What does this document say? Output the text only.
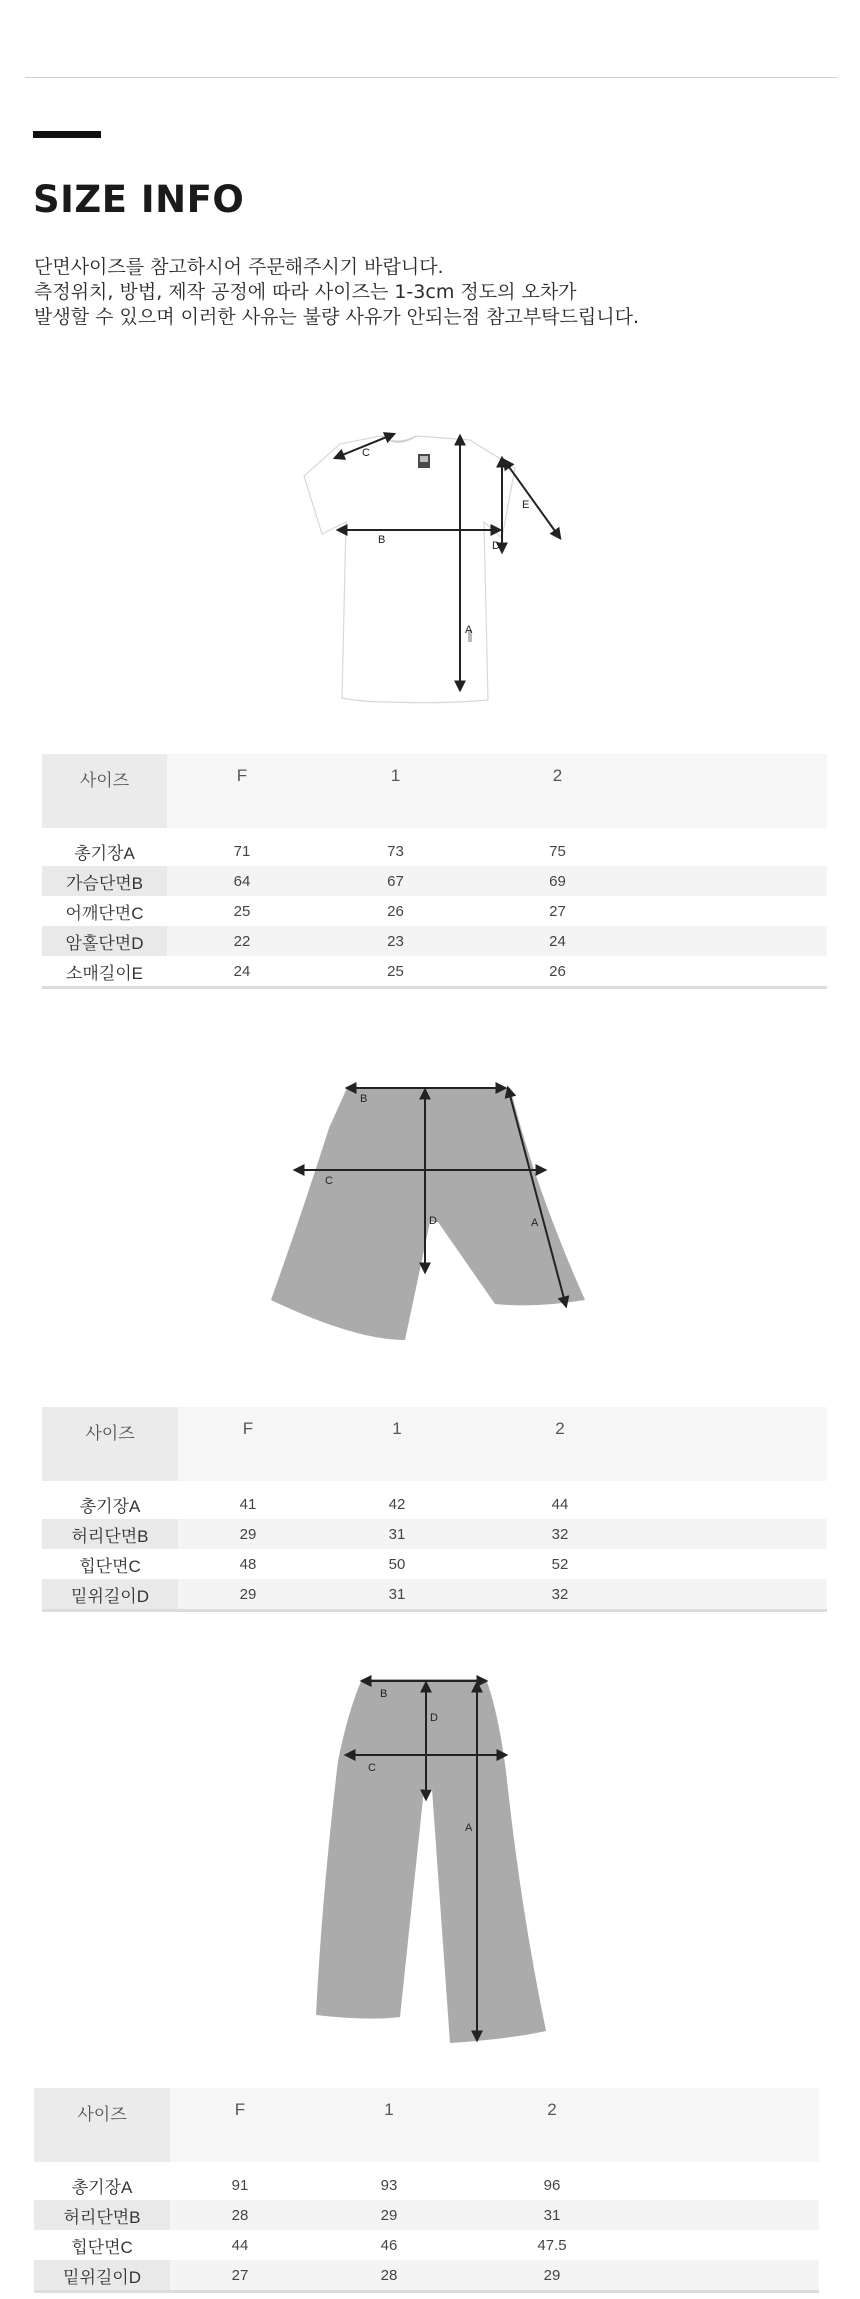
SIZE INFO
단면사이즈를 참고하시어 주문해주시기 바랍니다.
측정위치, 방법, 제작 공정에 따라 사이즈는 1-3cm 정도의 오차가
발생할 수 있으며 이러한 사유는 불량 사유가 안되는점 참고부탁드립니다.
C
B	D
E
A
사이즈	F	1	2	

총기장A	71	73	75	
가슴단면B	64	67	69	
어깨단면C	25	26	27	
암홀단면D	22	23	24	
소매길이E	24	25	26	
B
C
D	A
사이즈	F	1	2	

총기장A	41	42	44	
허리단면B	29	31	32	
힙단면C	48	50	52	
밑위길이D	29	31	32	
B
D
C
A
사이즈	F	1	2	

총기장A	91	93	96	
허리단면B	28	29	31	
힙단면C	44	46	47.5	
밑위길이D	27	28	29	
